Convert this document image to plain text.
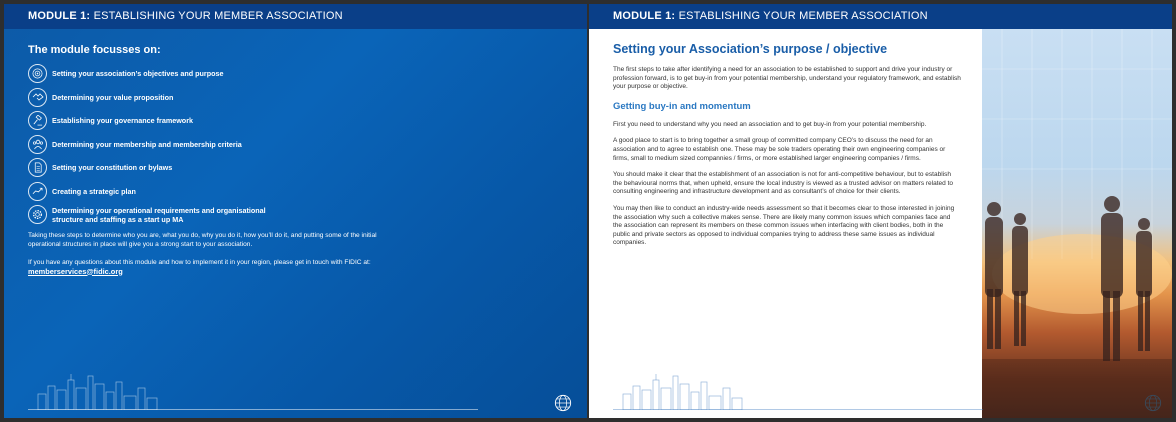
MODULE 1: ESTABLISHING YOUR MEMBER ASSOCIATION
The module focusses on:
Setting your association’s objectives and purpose
Determining your value proposition
Establishing your governance framework
Determining your membership and membership criteria
Setting your constitution or bylaws
Creating a strategic plan
Determining your operational requirements and organisational structure and staffing as a start up MA

Taking these steps to determine who you are, what you do, why you do it, how you’ll do it, and putting some of the initial operational structures in place will give you a strong start to your association.

If you have any questions about this module and how to implement it in your region, please get in touch with FIDIC at: memberservices@fidic.org

MODULE 1: ESTABLISHING YOUR MEMBER ASSOCIATION
Setting your Association’s purpose / objective

The first steps to take after identifying a need for an association to be established to support and drive your industry or profession forward, is to get buy-in from your potential membership, understand your regulatory framework, and establish your purpose or objective.

Getting buy-in and momentum

First you need to understand why you need an association and to get buy-in from your potential membership.

A good place to start is to bring together a small group of committed company CEO’s to discuss the need for an association and to agree to establish one. These may be sole traders operating their own engineering companies or firms, small to medium sized compannies / firms, or more established larger engineering companies / firms.

You should make it clear that the establishment of an association is not for anti-competitive behaviour, but to establish the behavioural norms that, when upheld, ensure the local industry is viewed as a trusted advisor on matters related to consulting engineering and infrastructure development and as consultant’s of choice for their clients.

You may then like to conduct an industry-wide needs assessment so that it becomes clear to those interested in joining the association why such a collective makes sense. There are likely many common issues which companies face and the association can represent its members on these common issues when interfacing with client bodies, both in the public and private sectors as opposed to individual companies trying to address these same issues as individual companies.
